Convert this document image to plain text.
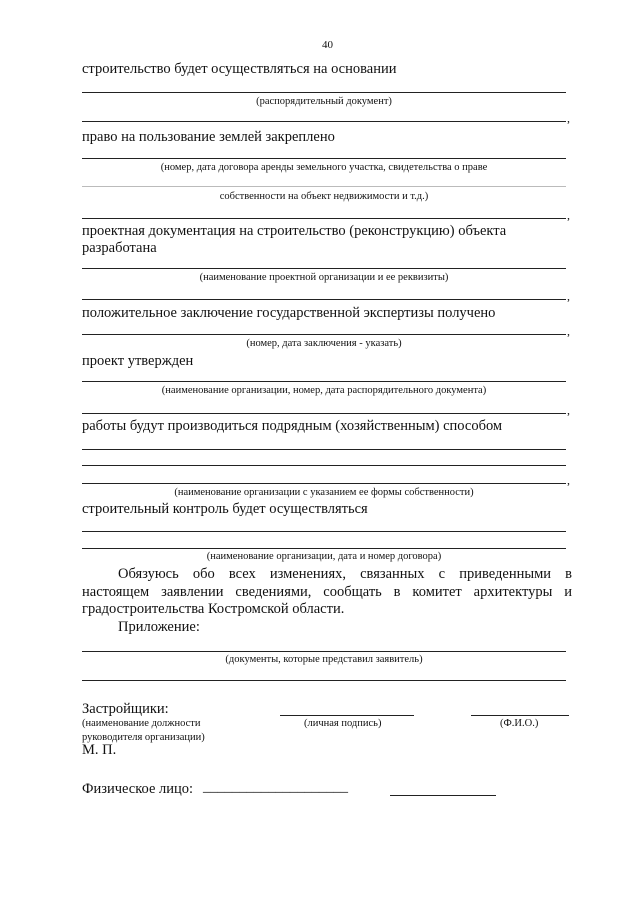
40
строительство будет осуществляться на основании
(распорядительный документ)
,
право на пользование землей закреплено
(номер, дата договора аренды земельного участка, свидетельства о праве
собственности на объект недвижимости и т.д.)
,
проектная документация на строительство (реконструкцию) объекта
разработана
(наименование проектной организации и ее реквизиты)
,
положительное заключение государственной экспертизы получено
,
(номер, дата заключения - указать)
проект утвержден
(наименование организации, номер, дата распорядительного документа)
,
работы будут производиться подрядным (хозяйственным) способом
,
(наименование организации с указанием ее формы собственности)
строительный контроль будет осуществляться
(наименование организации, дата и номер договора)
Обязуюсь обо всех изменениях, связанных с приведенными в
настоящем заявлении сведениями, сообщать в комитет архитектуры и
градостроительства Костромской области.
Приложение:
(документы, которые представил заявитель)
Застройщики:
(наименование должности
руководителя организации)
(личная подпись)	(Ф.И.О.)
М. П.
Физическое лицо: ____________________
